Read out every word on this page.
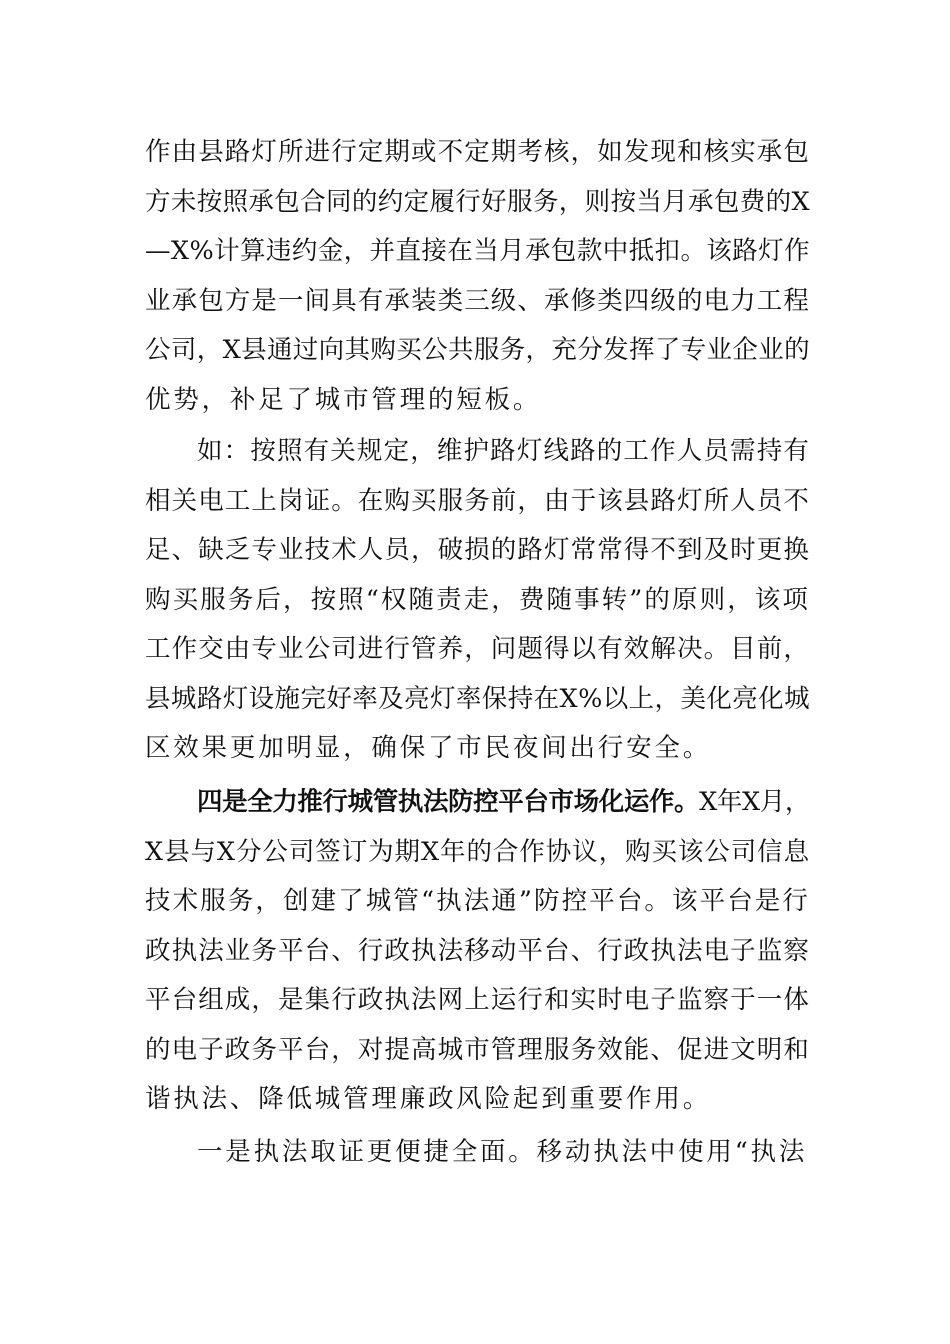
作由县路灯所进行定期或不定期考核，如发现和核实承包
方未按照承包合同的约定履行好服务，则按当月承包费的X
—X%计算违约金，并直接在当月承包款中抵扣。该路灯作
业承包方是一间具有承装类三级、承修类四级的电力工程
公司，X县通过向其购买公共服务，充分发挥了专业企业的
优势，补足了城市管理的短板。
如：按照有关规定，维护路灯线路的工作人员需持有
相关电工上岗证。在购买服务前，由于该县路灯所人员不
足、缺乏专业技术人员，破损的路灯常常得不到及时更换
购买服务后，按照“权随责走，费随事转”的原则，该项
工作交由专业公司进行管养，问题得以有效解决。目前，
县城路灯设施完好率及亮灯率保持在X%以上，美化亮化城
区效果更加明显，确保了市民夜间出行安全。
四是全力推行城管执法防控平台市场化运作。X年X月，
X县与X分公司签订为期X年的合作协议，购买该公司信息
技术服务，创建了城管“执法通”防控平台。该平台是行
政执法业务平台、行政执法移动平台、行政执法电子监察
平台组成，是集行政执法网上运行和实时电子监察于一体
的电子政务平台，对提高城市管理服务效能、促进文明和
谐执法、降低城管理廉政风险起到重要作用。
一是执法取证更便捷全面。移动执法中使用“执法
